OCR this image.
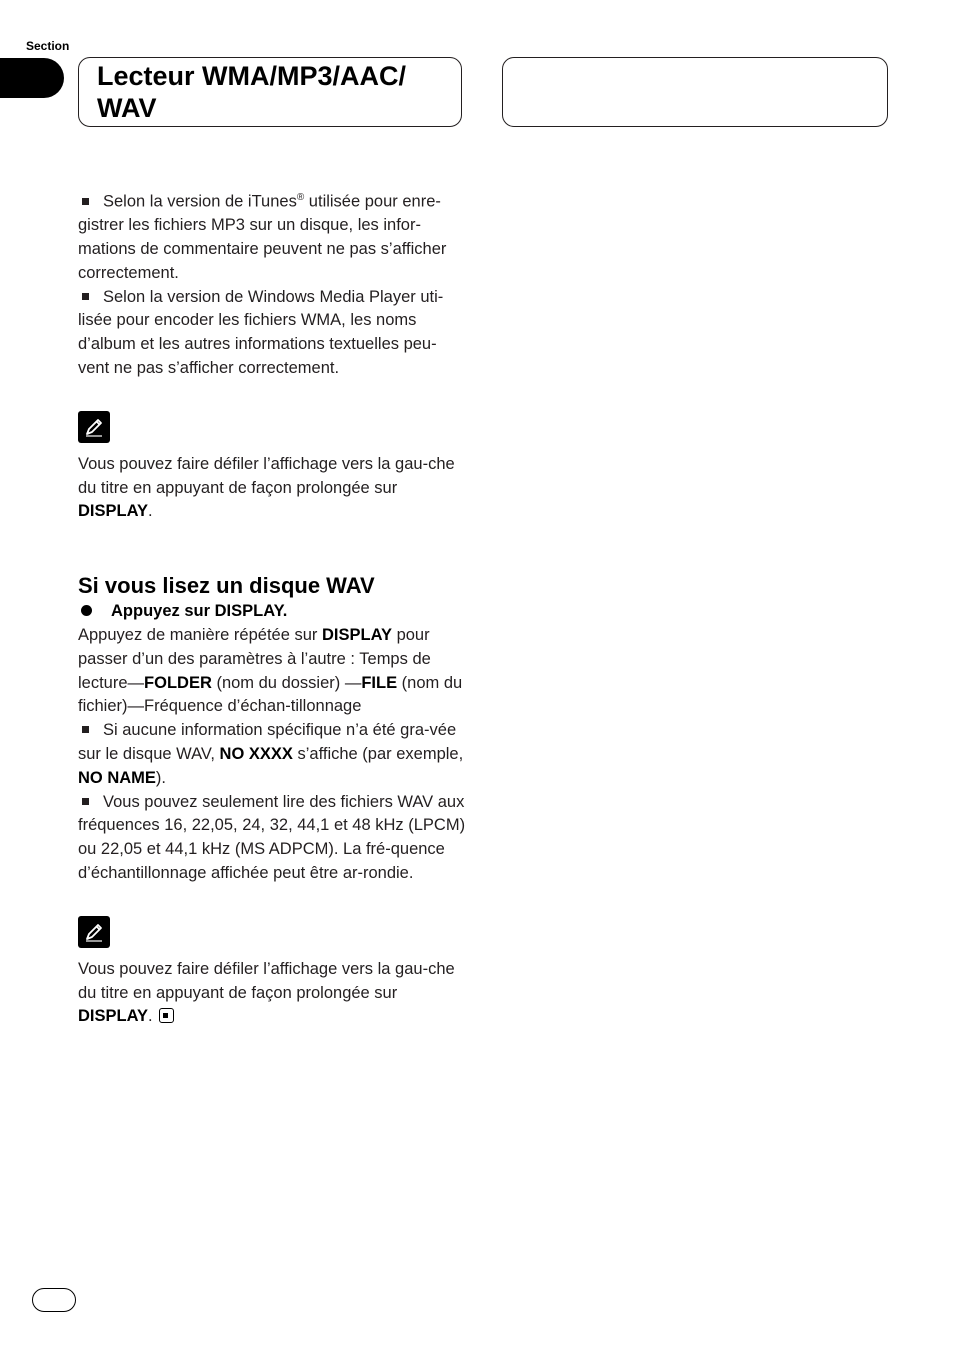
Section
Lecteur WMA/MP3/AAC/
WAV

Selon la version de iTunes® utilisée pour enre-gistrer les fichiers MP3 sur un disque, les infor-mations de commentaire peuvent ne pas s’afficher correctement.

Selon la version de Windows Media Player uti-lisée pour encoder les fichiers WMA, les noms d’album et les autres informations textuelles peu-vent ne pas s’afficher correctement.

Vous pouvez faire défiler l’affichage vers la gau-che du titre en appuyant de façon prolongée sur DISPLAY.

Si vous lisez un disque WAV

Appuyez sur DISPLAY.

Appuyez de manière répétée sur DISPLAY pour passer d’un des paramètres à l’autre : Temps de lecture—FOLDER (nom du dossier) —FILE (nom du fichier)—Fréquence d’échan-tillonnage

Si aucune information spécifique n’a été gra-vée sur le disque WAV, NO XXXX s’affiche (par exemple, NO NAME).

Vous pouvez seulement lire des fichiers WAV aux fréquences 16, 22,05, 24, 32, 44,1 et 48 kHz (LPCM) ou 22,05 et 44,1 kHz (MS ADPCM). La fré-quence d’échantillonnage affichée peut être ar-rondie.

Vous pouvez faire défiler l’affichage vers la gau-che du titre en appuyant de façon prolongée sur DISPLAY.
